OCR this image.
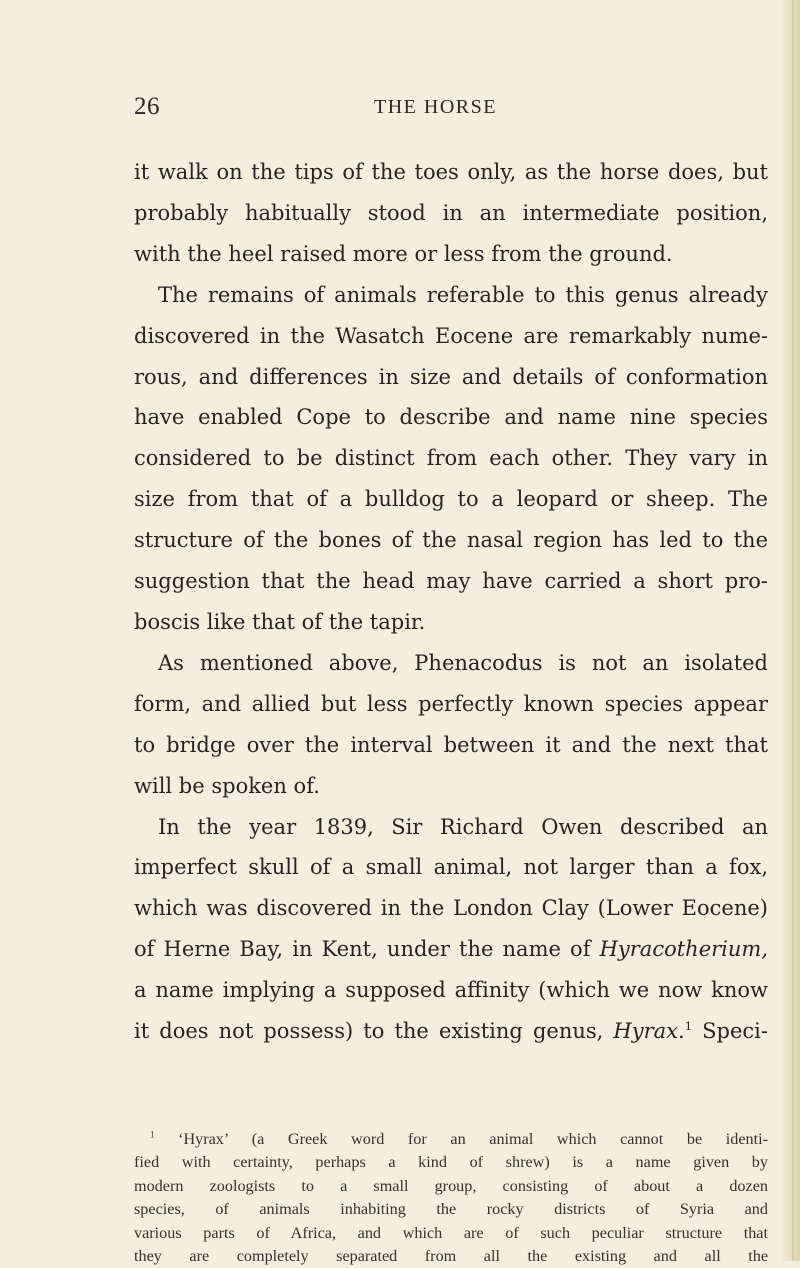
26	THE HORSE
it walk on the tips of the toes only, as the horse does, but
probably habitually stood in an intermediate position,
with the heel raised more or less from the ground.
The remains of animals referable to this genus already
discovered in the Wasatch Eocene are remarkably nume-
rous, and differences in size and details of conformation
have enabled Cope to describe and name nine species
considered to be distinct from each other. They vary in
size from that of a bulldog to a leopard or sheep. The
structure of the bones of the nasal region has led to the
suggestion that the head may have carried a short pro-
boscis like that of the tapir.
As mentioned above, Phenacodus is not an isolated
form, and allied but less perfectly known species appear
to bridge over the interval between it and the next that
will be spoken of.
In the year 1839, Sir Richard Owen described an
imperfect skull of a small animal, not larger than a fox,
which was discovered in the London Clay (Lower Eocene)
of Herne Bay, in Kent, under the name of Hyracotherium,
a name implying a supposed affinity (which we now know
it does not possess) to the existing genus, Hyrax.$^1$ Speci-
$^1$ ‘Hyrax’ (a Greek word for an animal which cannot be identi-
fied with certainty, perhaps a kind of shrew) is a name given by
modern zoologists to a small group, consisting of about a dozen
species, of animals inhabiting the rocky districts of Syria and
various parts of Africa, and which are of such peculiar structure that
they are completely separated from all the existing and all the
